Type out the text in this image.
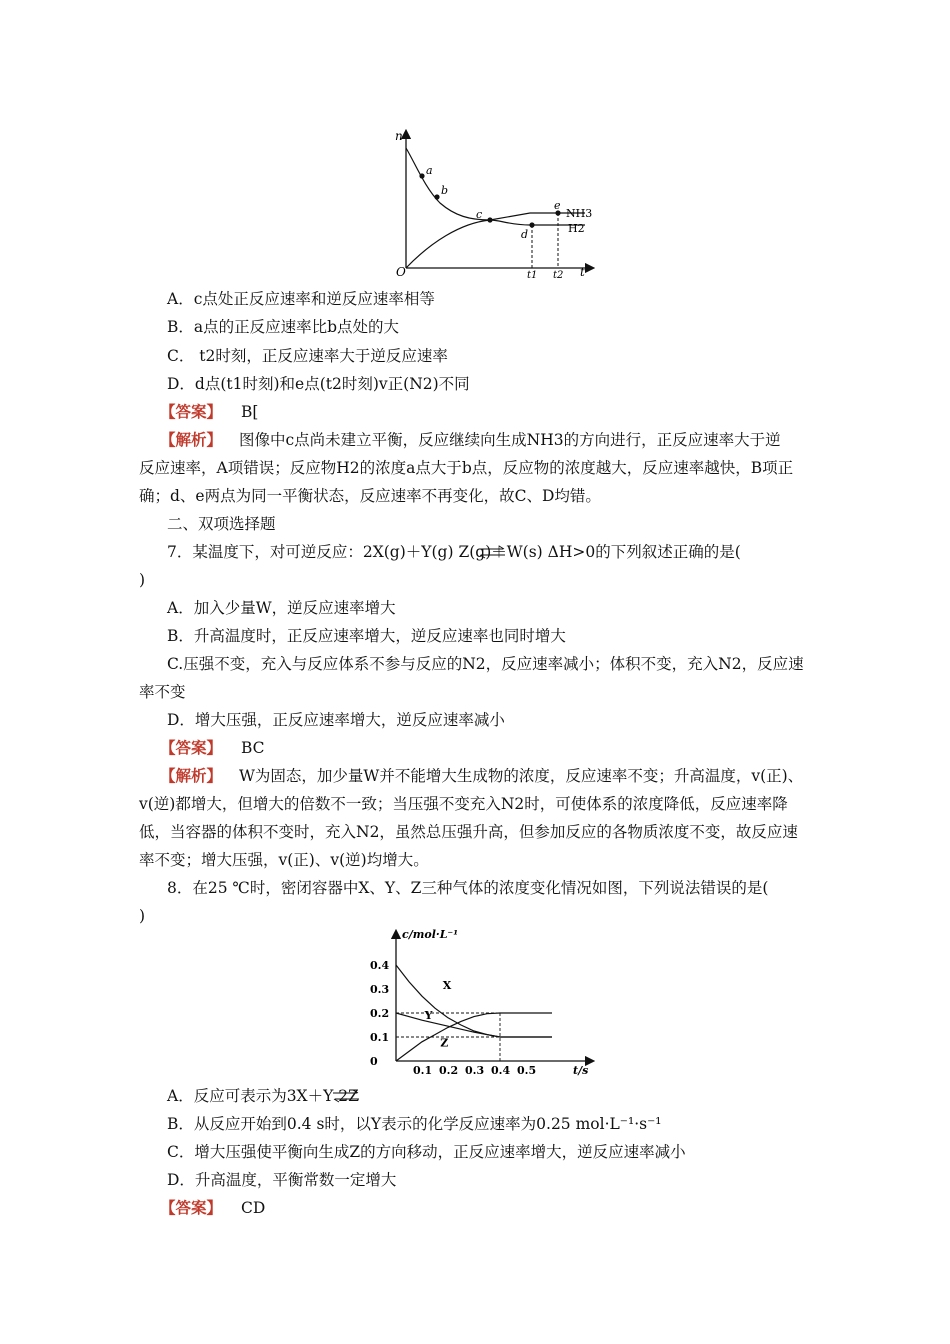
n
t
O
a
b
c
d
e
NH3
H2
t1 t2
A．c点处正反应速率和逆反应速率相等
B．a点的正反应速率比b点处的大
C． t2时刻，正反应速率大于逆反应速率
D．d点(t1时刻)和e点(t2时刻)v正(N2)不同
【答案】 B[
【解析】 图像中c点尚未建立平衡，反应继续向生成NH3的方向进行，正反应速率大于逆
反应速率，A项错误；反应物H2的浓度a点大于b点，反应物的浓度越大，反应速率越快，B项正
确；d、e两点为同一平衡状态，反应速率不再变化，故C、D均错。
二、双项选择题
7．某温度下，对可逆反应：2X(g)＋Y(g) Z(g)＋W(s) ΔH>0的下列叙述正确的是(
)
A．加入少量W，逆反应速率增大
B．升高温度时，正反应速率增大，逆反应速率也同时增大
C.压强不变，充入与反应体系不参与反应的N2，反应速率减小；体积不变，充入N2，反应速
率不变
D．增大压强，正反应速率增大，逆反应速率减小
【答案】 BC
【解析】 W为固态，加少量W并不能增大生成物的浓度，反应速率不变；升高温度，v(正)、
v(逆)都增大，但增大的倍数不一致；当压强不变充入N2时，可使体系的浓度降低，反应速率降
低，当容器的体积不变时，充入N2，虽然总压强升高，但参加反应的各物质浓度不变，故反应速
率不变；增大压强，v(正)、v(逆)均增大。
8．在25 ℃时，密闭容器中X、Y、Z三种气体的浓度变化情况如图，下列说法错误的是(
)
c/mol·L⁻¹
t/s
0
0.1
0.2
0.3
0.4
0.1 0.2 0.3 0.4 0.5
X
Y
Z
A．反应可表示为3X＋Y 2Z
B．从反应开始到0.4 s时，以Y表示的化学反应速率为0.25 mol·L⁻¹·s⁻¹
C．增大压强使平衡向生成Z的方向移动，正反应速率增大，逆反应速率减小
D．升高温度，平衡常数一定增大
【答案】 CD
